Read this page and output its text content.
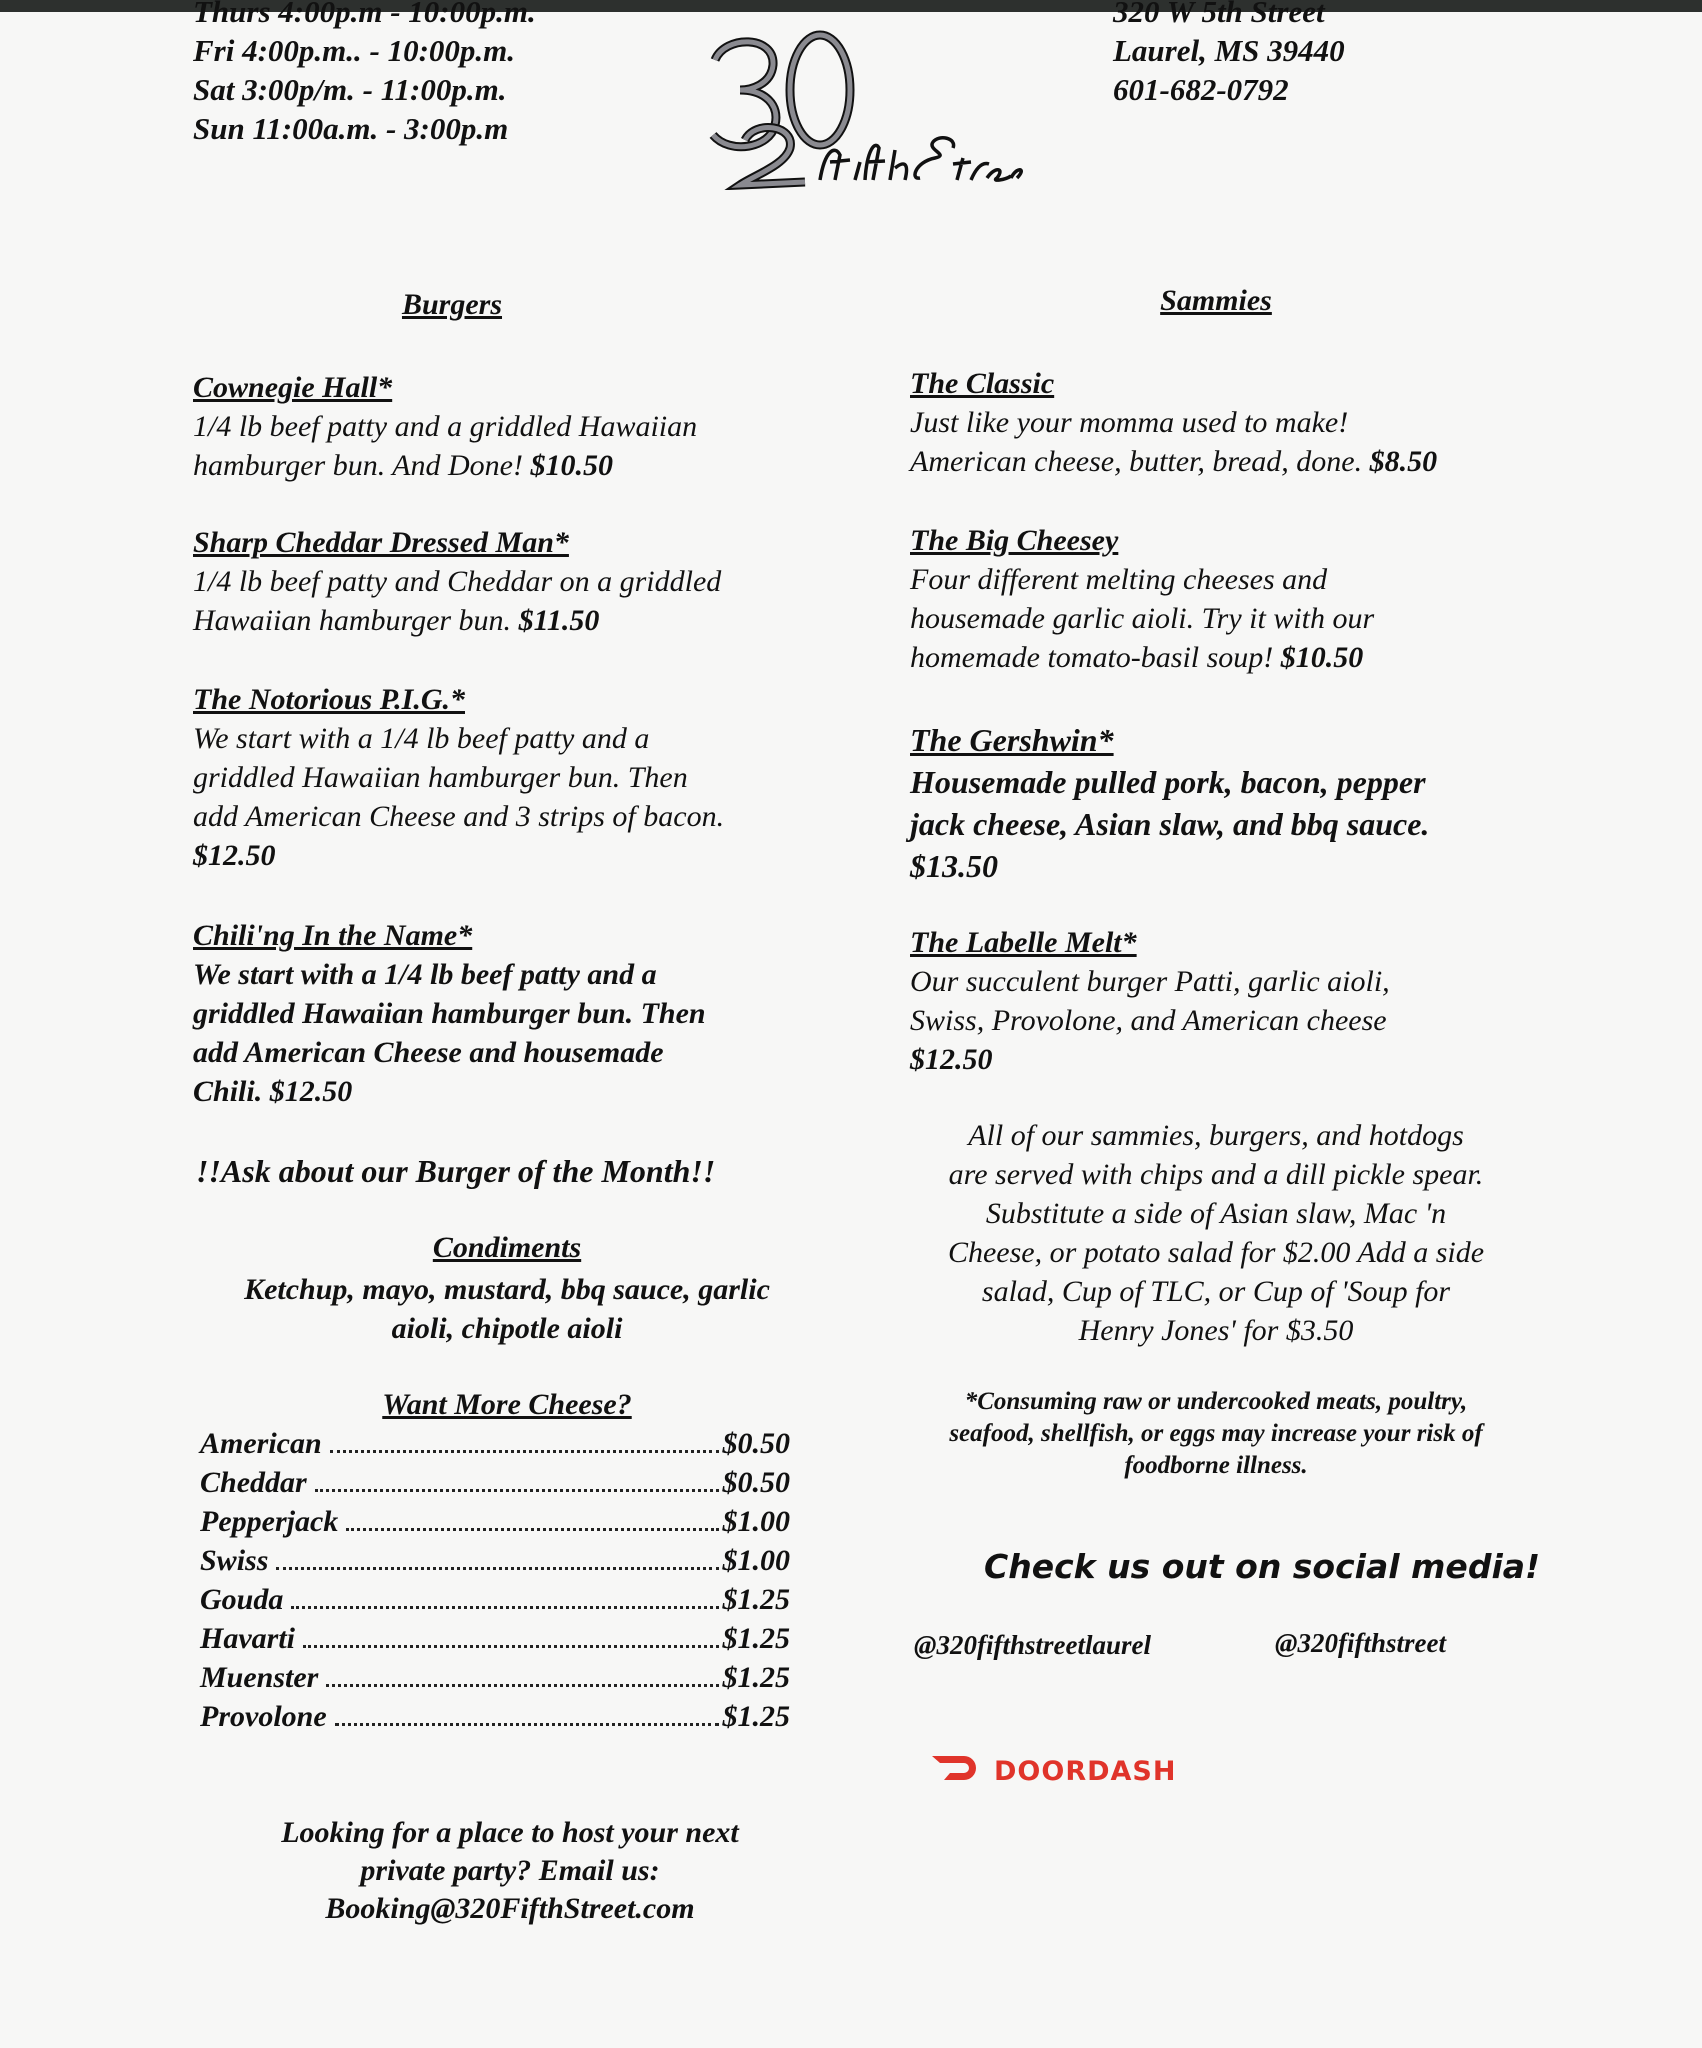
Thurs 4:00p.m - 10:00p.m.
Fri 4:00p.m.. - 10:00p.m.
Sat 3:00p/m. - 11:00p.m.
Sun 11:00a.m. - 3:00p.m
320 W 5th Street
Laurel, MS 39440
601-682-0792
Burgers
Cownegie Hall*
1/4 lb beef patty and a griddled Hawaiian
hamburger bun. And Done! $10.50
Sharp Cheddar Dressed Man*
1/4 lb beef patty and Cheddar on a griddled
Hawaiian hamburger bun. $11.50
The Notorious P.I.G.*
We start with a 1/4 lb beef patty and a
griddled Hawaiian hamburger bun. Then
add American Cheese and 3 strips of bacon.
$12.50
Chili'ng In the Name*
We start with a 1/4 lb beef patty and a
griddled Hawaiian hamburger bun. Then
add American Cheese and housemade
Chili. $12.50
!!Ask about our Burger of the Month!!
Condiments
Ketchup, mayo, mustard, bbq sauce, garlic
aioli, chipotle aioli
Want More Cheese?
American	$0.50
Cheddar	$0.50
Pepperjack	$1.00
Swiss	$1.00
Gouda	$1.25
Havarti	$1.25
Muenster	$1.25
Provolone	$1.25
Looking for a place to host your next
private party? Email us:
Booking@320FifthStreet.com
Sammies
The Classic
Just like your momma used to make!
American cheese, butter, bread, done. $8.50
The Big Cheesey
Four different melting cheeses and
housemade garlic aioli. Try it with our
homemade tomato-basil soup! $10.50
The Gershwin*
Housemade pulled pork, bacon, pepper
jack cheese, Asian slaw, and bbq sauce.
$13.50
The Labelle Melt*
Our succulent burger Patti, garlic aioli,
Swiss, Provolone, and American cheese
$12.50
All of our sammies, burgers, and hotdogs
are served with chips and a dill pickle spear.
Substitute a side of Asian slaw, Mac 'n
Cheese, or potato salad for $2.00 Add a side
salad, Cup of TLC, or Cup of 'Soup for
Henry Jones' for $3.50
*Consuming raw or undercooked meats, poultry,
seafood, shellfish, or eggs may increase your risk of
foodborne illness.
Check us out on social media!
@320fifthstreetlaurel	@320fifthstreet
DOORDASH
